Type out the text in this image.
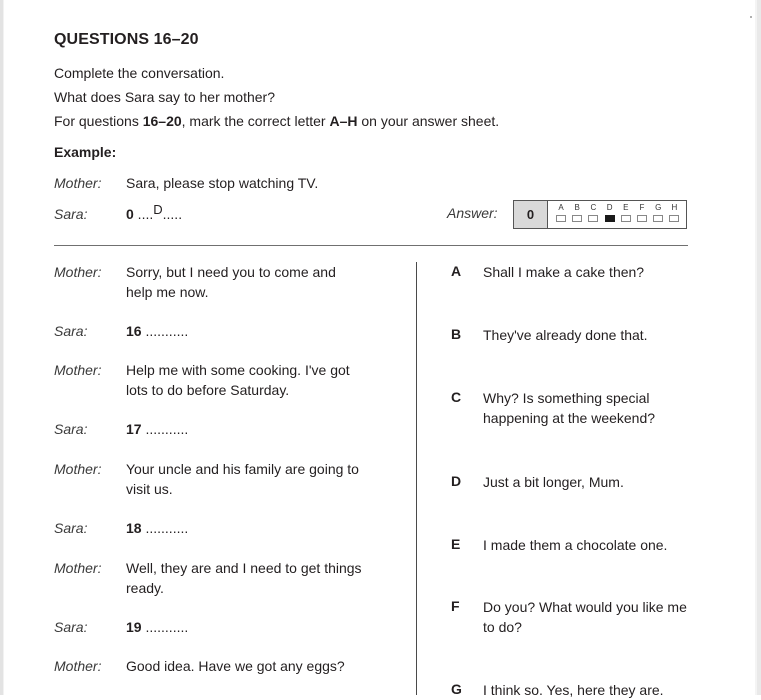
QUESTIONS 16–20
Complete the conversation.
What does Sara say to her mother?
For questions 16–20, mark the correct letter A–H on your answer sheet.
Example:
Mother: Sara, please stop watching TV.
Sara:	0 ....D.....	Answer:	0	A	B	C	D	E	F	G	H
Mother: Sorry, but I need you to come and help me now.
Sara:	16 ...........
Mother: Help me with some cooking. I've got lots to do before Saturday.
Sara:	17 ...........
Mother: Your uncle and his family are going to visit us.
Sara:	18 ...........
Mother: Well, they are and I need to get things ready.
Sara:	19 ...........
Mother: Good idea. Have we got any eggs?
A Shall I make a cake then?
B They've already done that.
C Why? Is something special happening at the weekend?
D Just a bit longer, Mum.
E I made them a chocolate one.
F Do you? What would you like me to do?
G I think so. Yes, here they are.
